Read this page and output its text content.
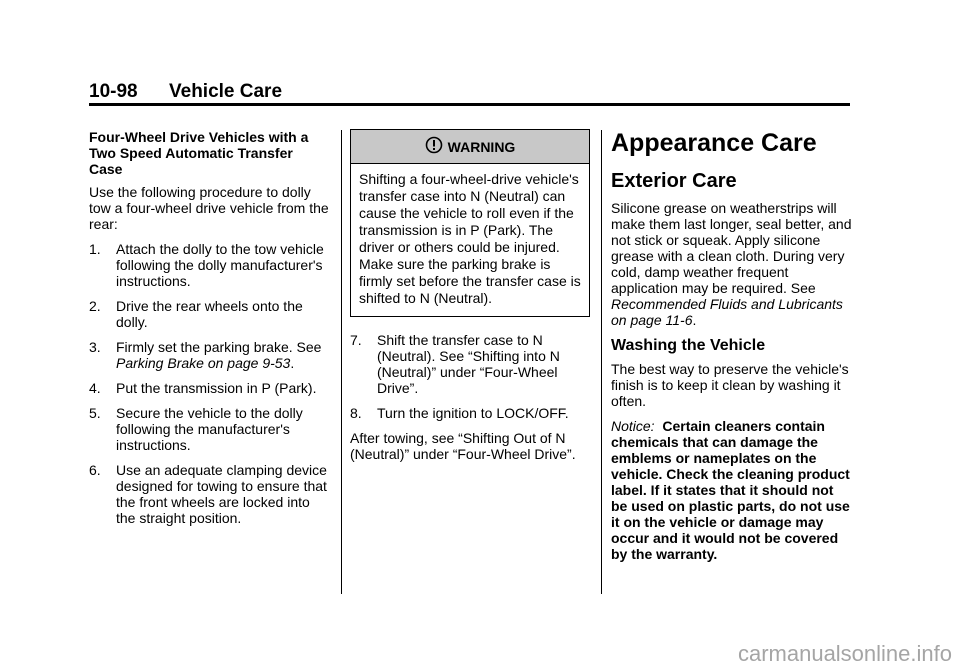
10-98 Vehicle Care

Four-Wheel Drive Vehicles with a Two Speed Automatic Transfer Case

Use the following procedure to dolly tow a four-wheel drive vehicle from the rear:

1. Attach the dolly to the tow vehicle following the dolly manufacturer's instructions.
2. Drive the rear wheels onto the dolly.
3. Firmly set the parking brake. See Parking Brake on page 9-53.
4. Put the transmission in P (Park).
5. Secure the vehicle to the dolly following the manufacturer's instructions.
6. Use an adequate clamping device designed for towing to ensure that the front wheels are locked into the straight position.
WARNING
Shifting a four-wheel-drive vehicle's transfer case into N (Neutral) can cause the vehicle to roll even if the transmission is in P (Park). The driver or others could be injured. Make sure the parking brake is firmly set before the transfer case is shifted to N (Neutral).
7. Shift the transfer case to N (Neutral). See “Shifting into N (Neutral)” under “Four-Wheel Drive”.
8. Turn the ignition to LOCK/OFF.

After towing, see “Shifting Out of N (Neutral)” under “Four-Wheel Drive”.

Appearance Care
Exterior Care

Silicone grease on weatherstrips will make them last longer, seal better, and not stick or squeak. Apply silicone grease with a clean cloth. During very cold, damp weather frequent application may be required. See Recommended Fluids and Lubricants on page 11-6.

Washing the Vehicle

The best way to preserve the vehicle's finish is to keep it clean by washing it often.

Notice: Certain cleaners contain chemicals that can damage the emblems or nameplates on the vehicle. Check the cleaning product label. If it states that it should not be used on plastic parts, do not use it on the vehicle or damage may occur and it would not be covered by the warranty.

carmanualsonline.info
